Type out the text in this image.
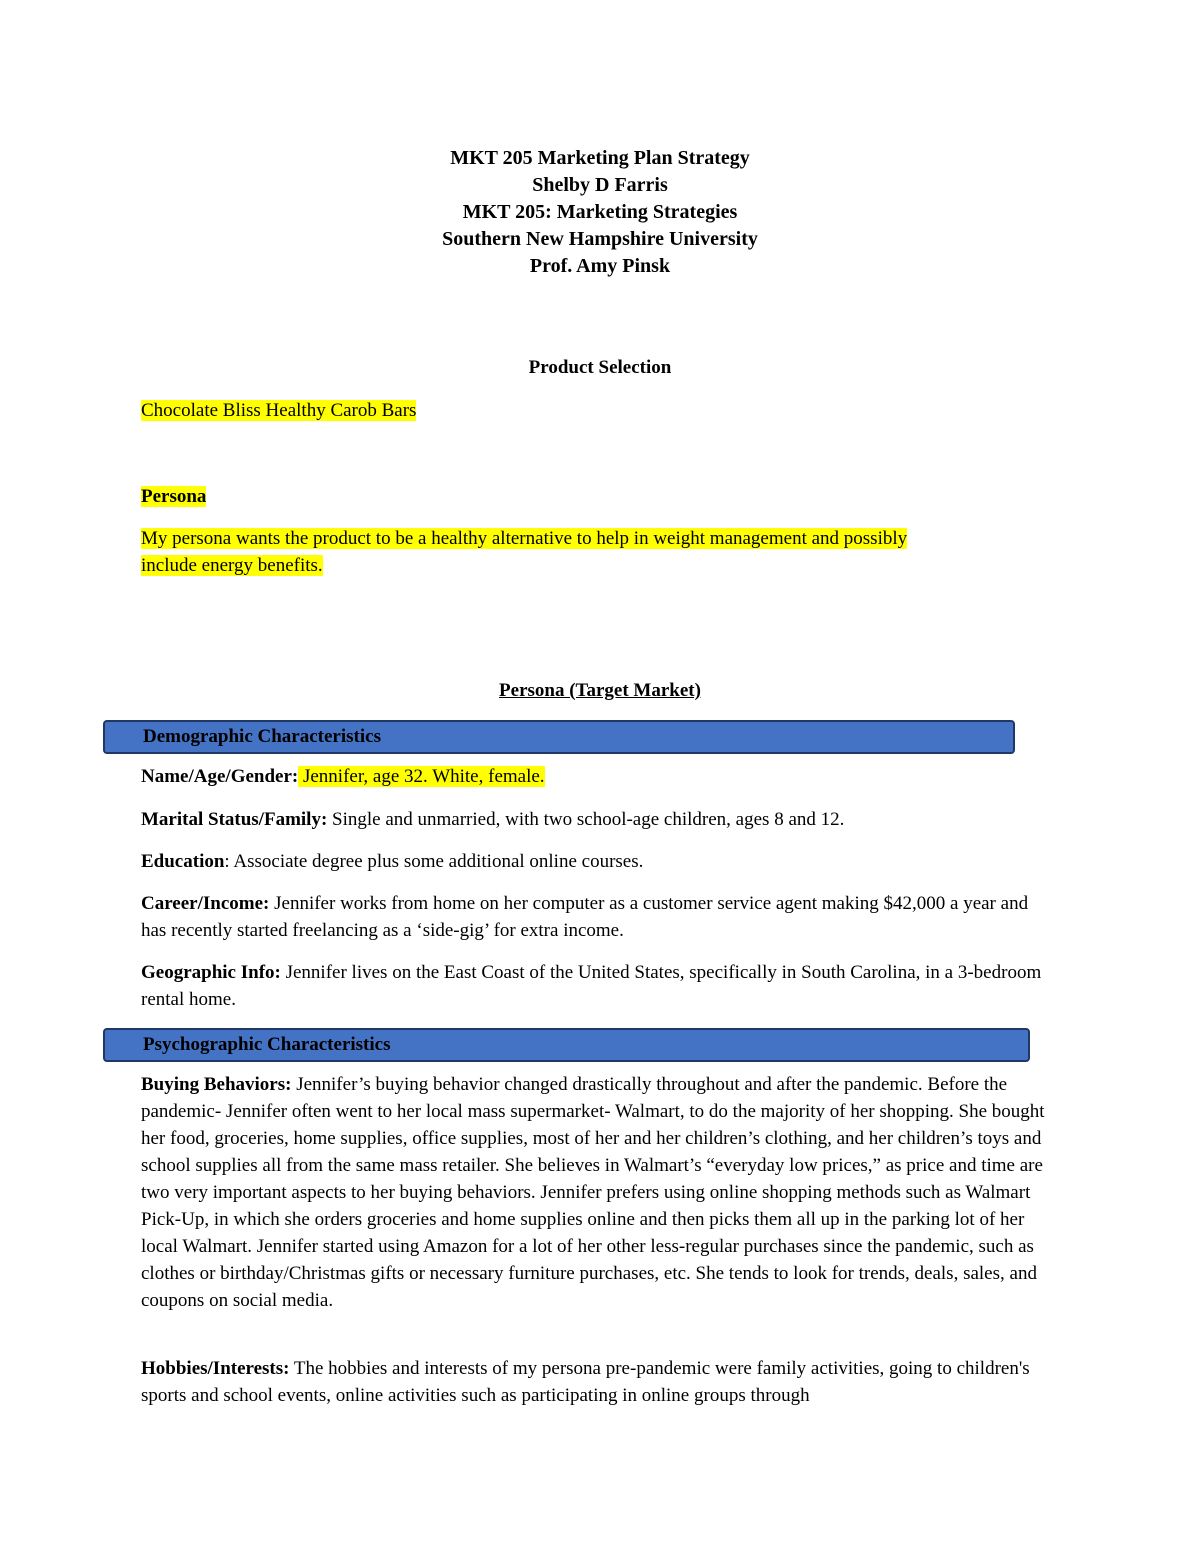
MKT 205 Marketing Plan Strategy
Shelby D Farris
MKT 205: Marketing Strategies
Southern New Hampshire University
Prof. Amy Pinsk
Product Selection
Chocolate Bliss Healthy Carob Bars
Persona
My persona wants the product to be a healthy alternative to help in weight management and possibly
include energy benefits.
Persona (Target Market)
Demographic Characteristics
Name/Age/Gender: Jennifer, age 32. White, female.
Marital Status/Family: Single and unmarried, with two school-age children, ages 8 and 12.
Education: Associate degree plus some additional online courses.
Career/Income: Jennifer works from home on her computer as a customer service agent making $42,000 a year and has recently started freelancing as a ‘side-gig’ for extra income.
Geographic Info: Jennifer lives on the East Coast of the United States, specifically in South Carolina, in a 3-bedroom rental home.
Psychographic Characteristics
Buying Behaviors: Jennifer’s buying behavior changed drastically throughout and after the pandemic. Before the pandemic- Jennifer often went to her local mass supermarket- Walmart, to do the majority of her shopping. She bought her food, groceries, home supplies, office supplies, most of her and her children’s clothing, and her children’s toys and school supplies all from the same mass retailer. She believes in Walmart’s “everyday low prices,” as price and time are two very important aspects to her buying behaviors. Jennifer prefers using online shopping methods such as Walmart Pick-Up, in which she orders groceries and home supplies online and then picks them all up in the parking lot of her local Walmart. Jennifer started using Amazon for a lot of her other less-regular purchases since the pandemic, such as clothes or birthday/Christmas gifts or necessary furniture purchases, etc. She tends to look for trends, deals, sales, and coupons on social media.
Hobbies/Interests: The hobbies and interests of my persona pre-pandemic were family activities, going to children's sports and school events, online activities such as participating in online groups through
